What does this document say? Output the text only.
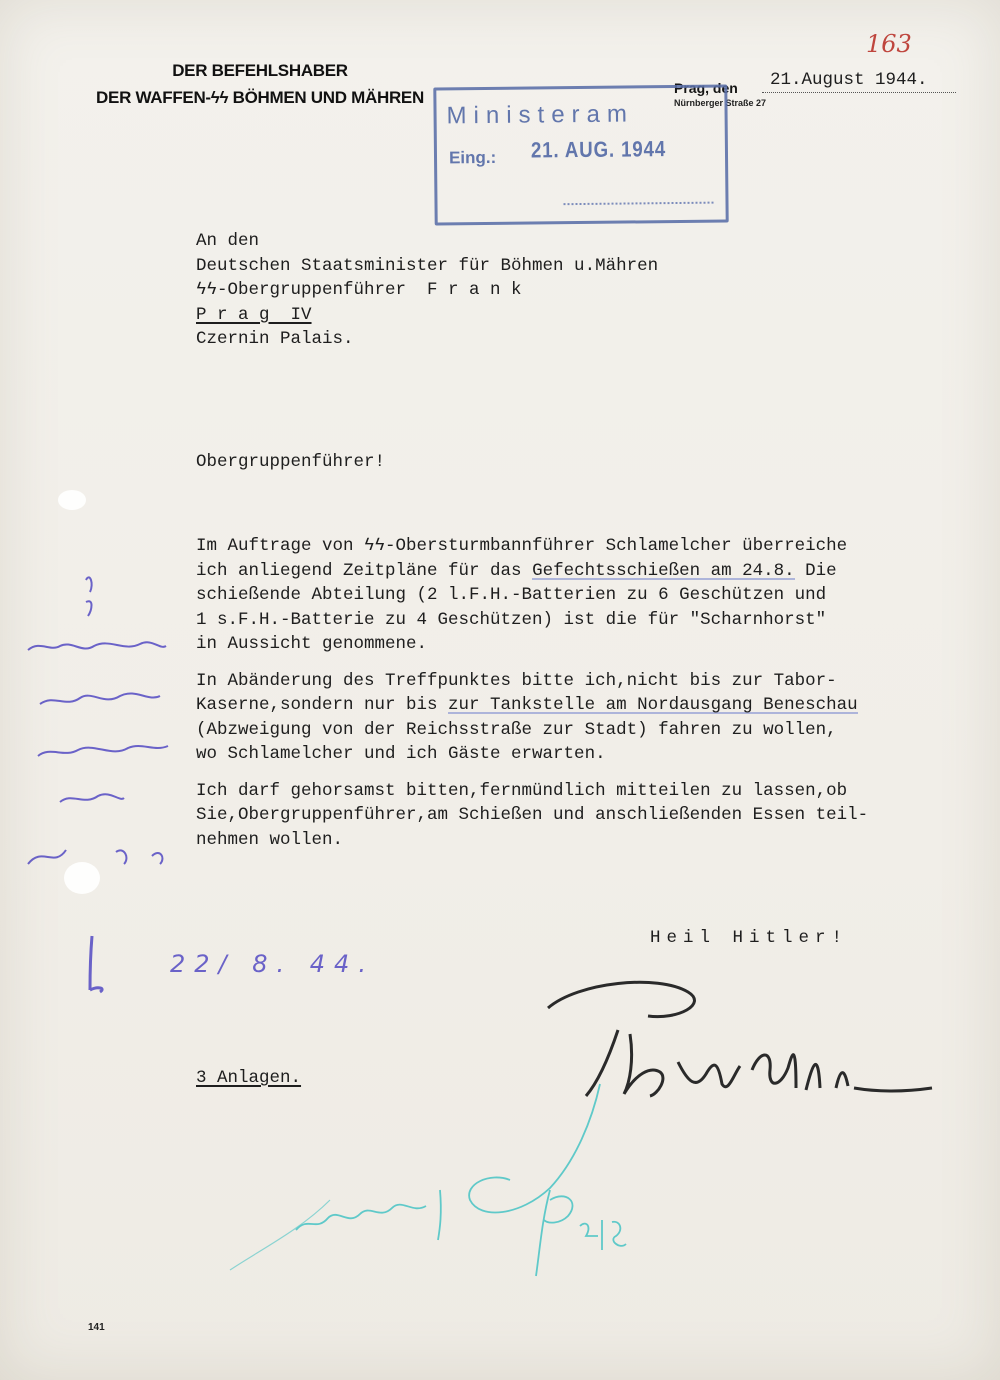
163
DER BEFEHLSHABER
DER WAFFEN-ϟϟ BÖHMEN UND MÄHREN	Prag, den 21.August 1944.
Nürnberger Straße 27
Ministeram
Eing.: 21. AUG. 1944
An den
Deutschen Staatsminister für Böhmen u.Mähren
ϟϟ-Obergruppenführer  F r a n k
P r a g  IV
Czernin Palais.
Obergruppenführer!
Im Auftrage von ϟϟ-Obersturmbannführer Schlamelcher überreiche
ich anliegend Zeitpläne für das Gefechtsschießen am 24.8. Die
schießende Abteilung (2 l.F.H.-Batterien zu 6 Geschützen und
1 s.F.H.-Batterie zu 4 Geschützen) ist die für "Scharnhorst"
in Aussicht genommene.
In Abänderung des Treffpunktes bitte ich,nicht bis zur Tabor-
Kaserne,sondern nur bis zur Tankstelle am Nordausgang Beneschau
(Abzweigung von der Reichsstraße zur Stadt) fahren zu wollen,
wo Schlamelcher und ich Gäste erwarten.
Ich darf gehorsamst bitten,fernmündlich mitteilen zu lassen,ob
Sie,Obergruppenführer,am Schießen und anschließenden Essen teil-
nehmen wollen.
Heil Hitler!
3 Anlagen.
22/ 8. 44.
141
